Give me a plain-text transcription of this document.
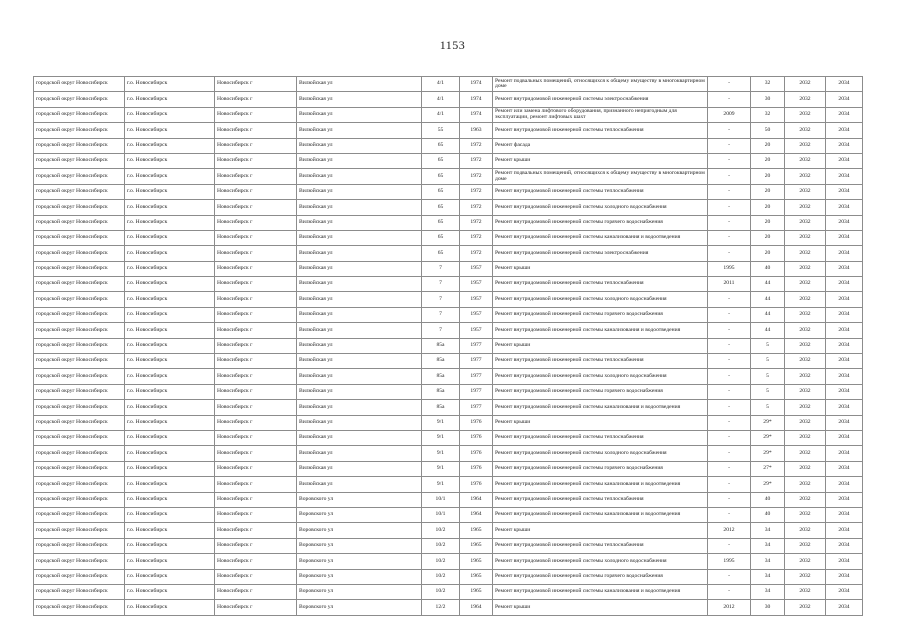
1153
городской округ Новосибирск	г.о. Новосибирск	Новосибирск г	Вилюйская ул	4/1	1974	Ремонт подвальных помещений, относящихся к общему имуществу в многоквартирном доме	-	32	2032	2034
городской округ Новосибирск	г.о. Новосибирск	Новосибирск г	Вилюйская ул	4/1	1974	Ремонт внутридомовой инженерной системы электроснабжения	-	30	2032	2034
городской округ Новосибирск	г.о. Новосибирск	Новосибирск г	Вилюйская ул	4/1	1974	Ремонт или замена лифтового оборудования, признанного непригодным для эксплуатации, ремонт лифтовых шахт	2009	32	2032	2034
городской округ Новосибирск	г.о. Новосибирск	Новосибирск г	Вилюйская ул	55	1963	Ремонт внутридомовой инженерной системы теплоснабжения	-	50	2032	2034
городской округ Новосибирск	г.о. Новосибирск	Новосибирск г	Вилюйская ул	65	1972	Ремонт фасада	-	20	2032	2034
городской округ Новосибирск	г.о. Новосибирск	Новосибирск г	Вилюйская ул	65	1972	Ремонт крыши	-	20	2032	2034
городской округ Новосибирск	г.о. Новосибирск	Новосибирск г	Вилюйская ул	65	1972	Ремонт подвальных помещений, относящихся к общему имуществу в многоквартирном доме	-	20	2032	2034
городской округ Новосибирск	г.о. Новосибирск	Новосибирск г	Вилюйская ул	65	1972	Ремонт внутридомовой инженерной системы теплоснабжения	-	20	2032	2034
городской округ Новосибирск	г.о. Новосибирск	Новосибирск г	Вилюйская ул	65	1972	Ремонт внутридомовой инженерной системы холодного водоснабжения	-	20	2032	2034
городской округ Новосибирск	г.о. Новосибирск	Новосибирск г	Вилюйская ул	65	1972	Ремонт внутридомовой инженерной системы горячего водоснабжения	-	20	2032	2034
городской округ Новосибирск	г.о. Новосибирск	Новосибирск г	Вилюйская ул	65	1972	Ремонт внутридомовой инженерной системы канализования и водоотведения	-	20	2032	2034
городской округ Новосибирск	г.о. Новосибирск	Новосибирск г	Вилюйская ул	65	1972	Ремонт внутридомовой инженерной системы электроснабжения	-	20	2032	2034
городской округ Новосибирск	г.о. Новосибирск	Новосибирск г	Вилюйская ул	7	1957	Ремонт крыши	1995	40	2032	2034
городской округ Новосибирск	г.о. Новосибирск	Новосибирск г	Вилюйская ул	7	1957	Ремонт внутридомовой инженерной системы теплоснабжения	2011	44	2032	2034
городской округ Новосибирск	г.о. Новосибирск	Новосибирск г	Вилюйская ул	7	1957	Ремонт внутридомовой инженерной системы холодного водоснабжения	-	44	2032	2034
городской округ Новосибирск	г.о. Новосибирск	Новосибирск г	Вилюйская ул	7	1957	Ремонт внутридомовой инженерной системы горячего водоснабжения	-	44	2032	2034
городской округ Новосибирск	г.о. Новосибирск	Новосибирск г	Вилюйская ул	7	1957	Ремонт внутридомовой инженерной системы канализования и водоотведения	-	44	2032	2034
городской округ Новосибирск	г.о. Новосибирск	Новосибирск г	Вилюйская ул	85а	1977	Ремонт крыши	-	5	2032	2034
городской округ Новосибирск	г.о. Новосибирск	Новосибирск г	Вилюйская ул	85а	1977	Ремонт внутридомовой инженерной системы теплоснабжения	-	5	2032	2034
городской округ Новосибирск	г.о. Новосибирск	Новосибирск г	Вилюйская ул	85а	1977	Ремонт внутридомовой инженерной системы холодного водоснабжения	-	5	2032	2034
городской округ Новосибирск	г.о. Новосибирск	Новосибирск г	Вилюйская ул	85а	1977	Ремонт внутридомовой инженерной системы горячего водоснабжения	-	5	2032	2034
городской округ Новосибирск	г.о. Новосибирск	Новосибирск г	Вилюйская ул	85а	1977	Ремонт внутридомовой инженерной системы канализования и водоотведения	-	5	2032	2034
городской округ Новосибирск	г.о. Новосибирск	Новосибирск г	Вилюйская ул	9/1	1976	Ремонт крыши	-	29*	2032	2034
городской округ Новосибирск	г.о. Новосибирск	Новосибирск г	Вилюйская ул	9/1	1976	Ремонт внутридомовой инженерной системы теплоснабжения	-	29*	2032	2034
городской округ Новосибирск	г.о. Новосибирск	Новосибирск г	Вилюйская ул	9/1	1976	Ремонт внутридомовой инженерной системы холодного водоснабжения	-	29*	2032	2034
городской округ Новосибирск	г.о. Новосибирск	Новосибирск г	Вилюйская ул	9/1	1976	Ремонт внутридомовой инженерной системы горячего водоснабжения	-	27*	2032	2034
городской округ Новосибирск	г.о. Новосибирск	Новосибирск г	Вилюйская ул	9/1	1976	Ремонт внутридомовой инженерной системы канализования и водоотведения	-	29*	2032	2034
городской округ Новосибирск	г.о. Новосибирск	Новосибирск г	Воровского ул	10/1	1964	Ремонт внутридомовой инженерной системы теплоснабжения	-	40	2032	2034
городской округ Новосибирск	г.о. Новосибирск	Новосибирск г	Воровского ул	10/1	1964	Ремонт внутридомовой инженерной системы канализования и водоотведения	-	40	2032	2034
городской округ Новосибирск	г.о. Новосибирск	Новосибирск г	Воровского ул	10/2	1965	Ремонт крыши	2012	34	2032	2034
городской округ Новосибирск	г.о. Новосибирск	Новосибирск г	Воровского ул	10/2	1965	Ремонт внутридомовой инженерной системы теплоснабжения	-	34	2032	2034
городской округ Новосибирск	г.о. Новосибирск	Новосибирск г	Воровского ул	10/2	1965	Ремонт внутридомовой инженерной системы холодного водоснабжения	1995	34	2032	2034
городской округ Новосибирск	г.о. Новосибирск	Новосибирск г	Воровского ул	10/2	1965	Ремонт внутридомовой инженерной системы горячего водоснабжения	-	34	2032	2034
городской округ Новосибирск	г.о. Новосибирск	Новосибирск г	Воровского ул	10/2	1965	Ремонт внутридомовой инженерной системы канализования и водоотведения	-	34	2032	2034
городской округ Новосибирск	г.о. Новосибирск	Новосибирск г	Воровского ул	12/2	1964	Ремонт крыши	2012	30	2032	2034
